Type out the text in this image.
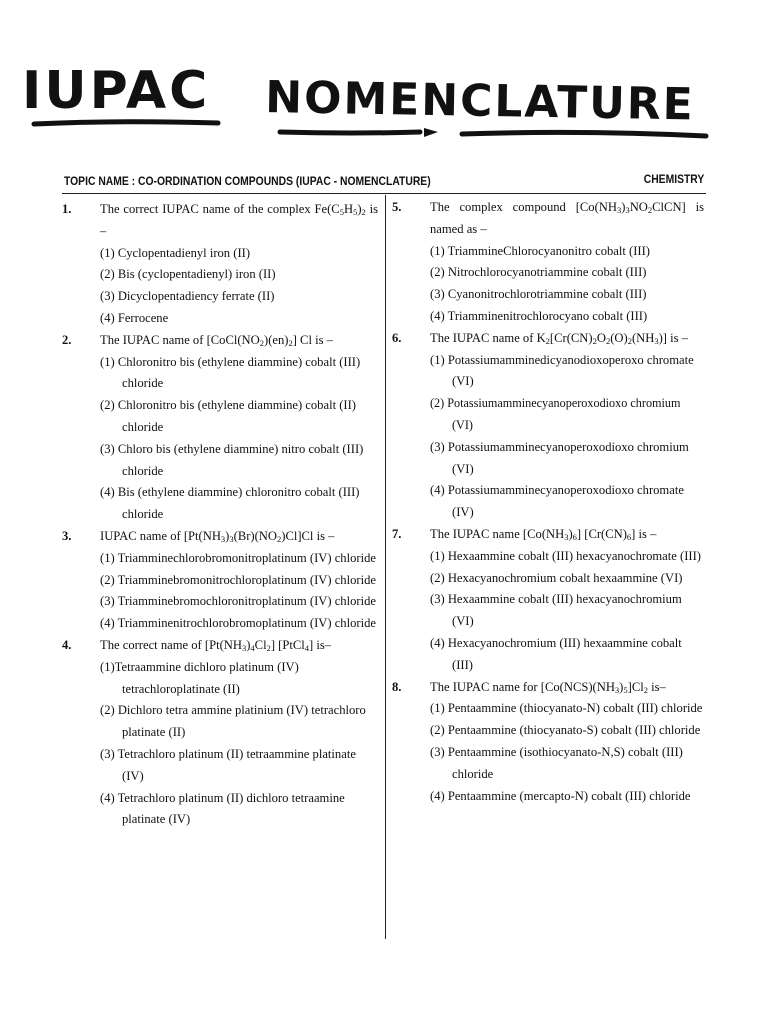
IUPAC NOMENCLATURE
TOPIC NAME : CO-ORDINATION COMPOUNDS (IUPAC - NOMENCLATURE)	CHEMISTRY
1. The correct IUPAC name of the complex $Fe(C_5H_5)_2$ is –
(1) Cyclopentadienyl iron (II)
(2) Bis (cyclopentadienyl) iron (II)
(3) Dicyclopentadiency ferrate (II)
(4) Ferrocene
2. The IUPAC name of $[CoCl(NO_2)(en)_2]$ Cl is –
(1) Chloronitro bis (ethylene diammine) cobalt (III) chloride
(2) Chloronitro bis (ethylene diammine) cobalt (II) chloride
(3) Chloro bis (ethylene diammine) nitro cobalt (III) chloride
(4) Bis (ethylene diammine) chloronitro cobalt (III) chloride
3. IUPAC name of $[Pt(NH_3)_3(Br)(NO_2)Cl]Cl$ is –
(1) Triamminechlorobromonitroplatinum (IV) chloride
(2) Triamminebromonitrochloroplatinum (IV) chloride
(3) Triamminebromochloronitroplatinum (IV) chloride
(4) Triamminenitrochlorobromoplatinum (IV) chloride
4. The correct name of $[Pt(NH_3)_4Cl_2]$ [PtCl$_4$] is–
(1)Tetraammine dichloro platinum (IV) tetrachloroplatinate (II)
(2) Dichloro tetra ammine platinium (IV) tetrachloro platinate (II)
(3) Tetrachloro platinum (II) tetraammine platinate (IV)
(4) Tetrachloro platinum (II) dichloro tetraamine platinate (IV)
5. The complex compound $[Co(NH_3)_3NO_2ClCN]$ is named as –
(1) TriammineChlorocyanonitro cobalt (III)
(2) Nitrochlorocyanotriammine cobalt (III)
(3) Cyanonitrochlorotriammine cobalt (III)
(4) Triamminenitrochlorocyano cobalt (III)
6. The IUPAC name of $K_2[Cr(CN)_2O_2(O)_2(NH_3)]$ is –
(1) Potassiumamminedicyanodioxoperoxo chromate (VI)
(2) Potassiumamminecyanoperoxodioxo chromium (VI)
(3) Potassiumamminecyanoperoxodioxo chromium (VI)
(4) Potassiumamminecyanoperoxodioxo chromate (IV)
7. The IUPAC name $[Co(NH_3)_6]$ $[Cr(CN)_6]$ is –
(1) Hexaammine cobalt (III) hexacyanochromate (III)
(2) Hexacyanochromium cobalt hexaammine (VI)
(3) Hexaammine cobalt (III) hexacyanochromium (VI)
(4) Hexacyanochromium (III) hexaammine cobalt (III)
8. The IUPAC name for $[Co(NCS)(NH_3)_5]Cl_2$ is–
(1) Pentaammine (thiocyanato-N) cobalt (III) chloride
(2) Pentaammine (thiocyanato-S) cobalt (III) chloride
(3) Pentaammine (isothiocyanato-N,S) cobalt (III) chloride
(4) Pentaammine (mercapto-N) cobalt (III) chloride
